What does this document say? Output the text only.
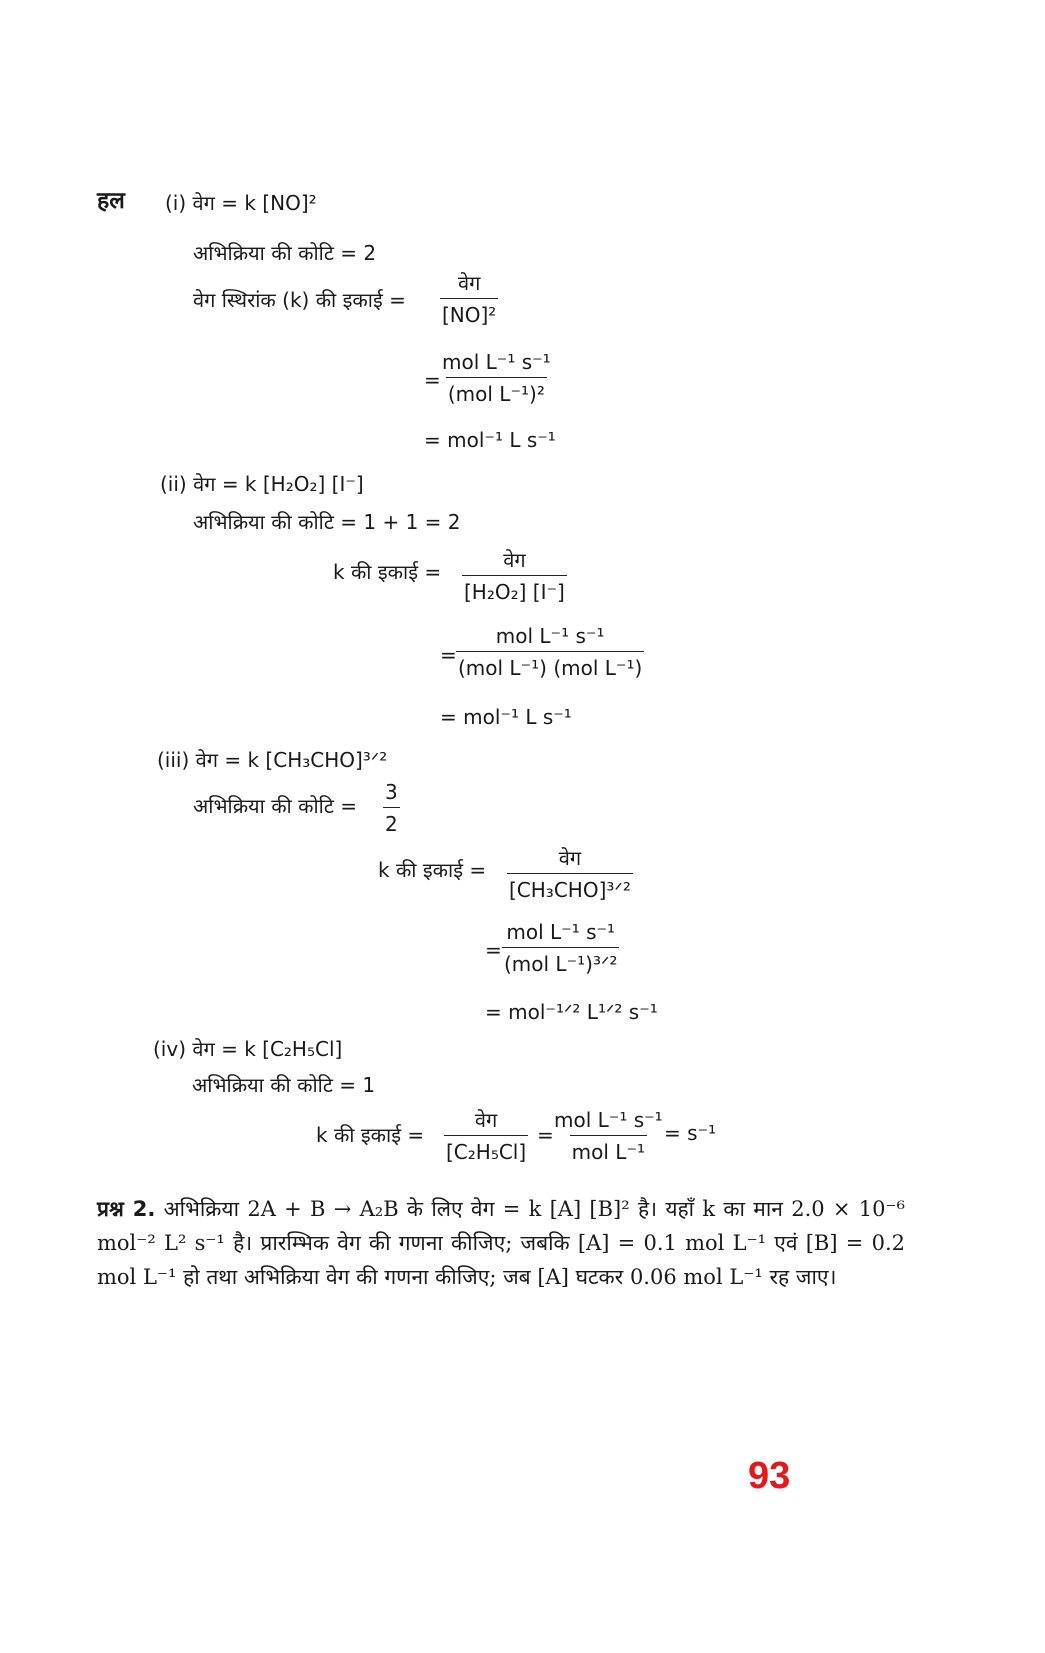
हल (i) वेग = k [NO]²
अभिक्रिया की कोटि = 2
वेग स्थिरांक (k) की इकाई =
वेग
[NO]²
=
mol L⁻¹ s⁻¹
(mol L⁻¹)²
= mol⁻¹ L s⁻¹
(ii) वेग = k [H₂O₂] [I⁻]
अभिक्रिया की कोटि = 1 + 1 = 2
k की इकाई =	वेग
[H₂O₂] [I⁻]
=
mol L⁻¹ s⁻¹
(mol L⁻¹) (mol L⁻¹)
= mol⁻¹ L s⁻¹
(iii) वेग = k [CH₃CHO]³ᐟ²
अभिक्रिया की कोटि = $\frac{3}{2}$
k की इकाई =	वेग
[CH₃CHO]³ᐟ²
=
mol L⁻¹ s⁻¹
(mol L⁻¹)³ᐟ²
= mol⁻¹ᐟ² L¹ᐟ² s⁻¹
(iv) वेग = k [C₂H₅Cl]
अभिक्रिया की कोटि = 1
k की इकाई =
वेग
[C₂H₅Cl]
=
mol L⁻¹ s⁻¹
mol L⁻¹
= s⁻¹
प्रश्न 2. अभिक्रिया 2A + B → A₂B के लिए वेग = k [A] [B]² है। यहाँ k का मान 2.0 × 10⁻⁶ mol⁻² L² s⁻¹ है। प्रारम्भिक वेग की गणना कीजिए; जबकि [A] = 0.1 mol L⁻¹ एवं [B] = 0.2 mol L⁻¹ हो तथा अभिक्रिया वेग की गणना कीजिए; जब [A] घटकर 0.06 mol L⁻¹ रह जाए।
93
